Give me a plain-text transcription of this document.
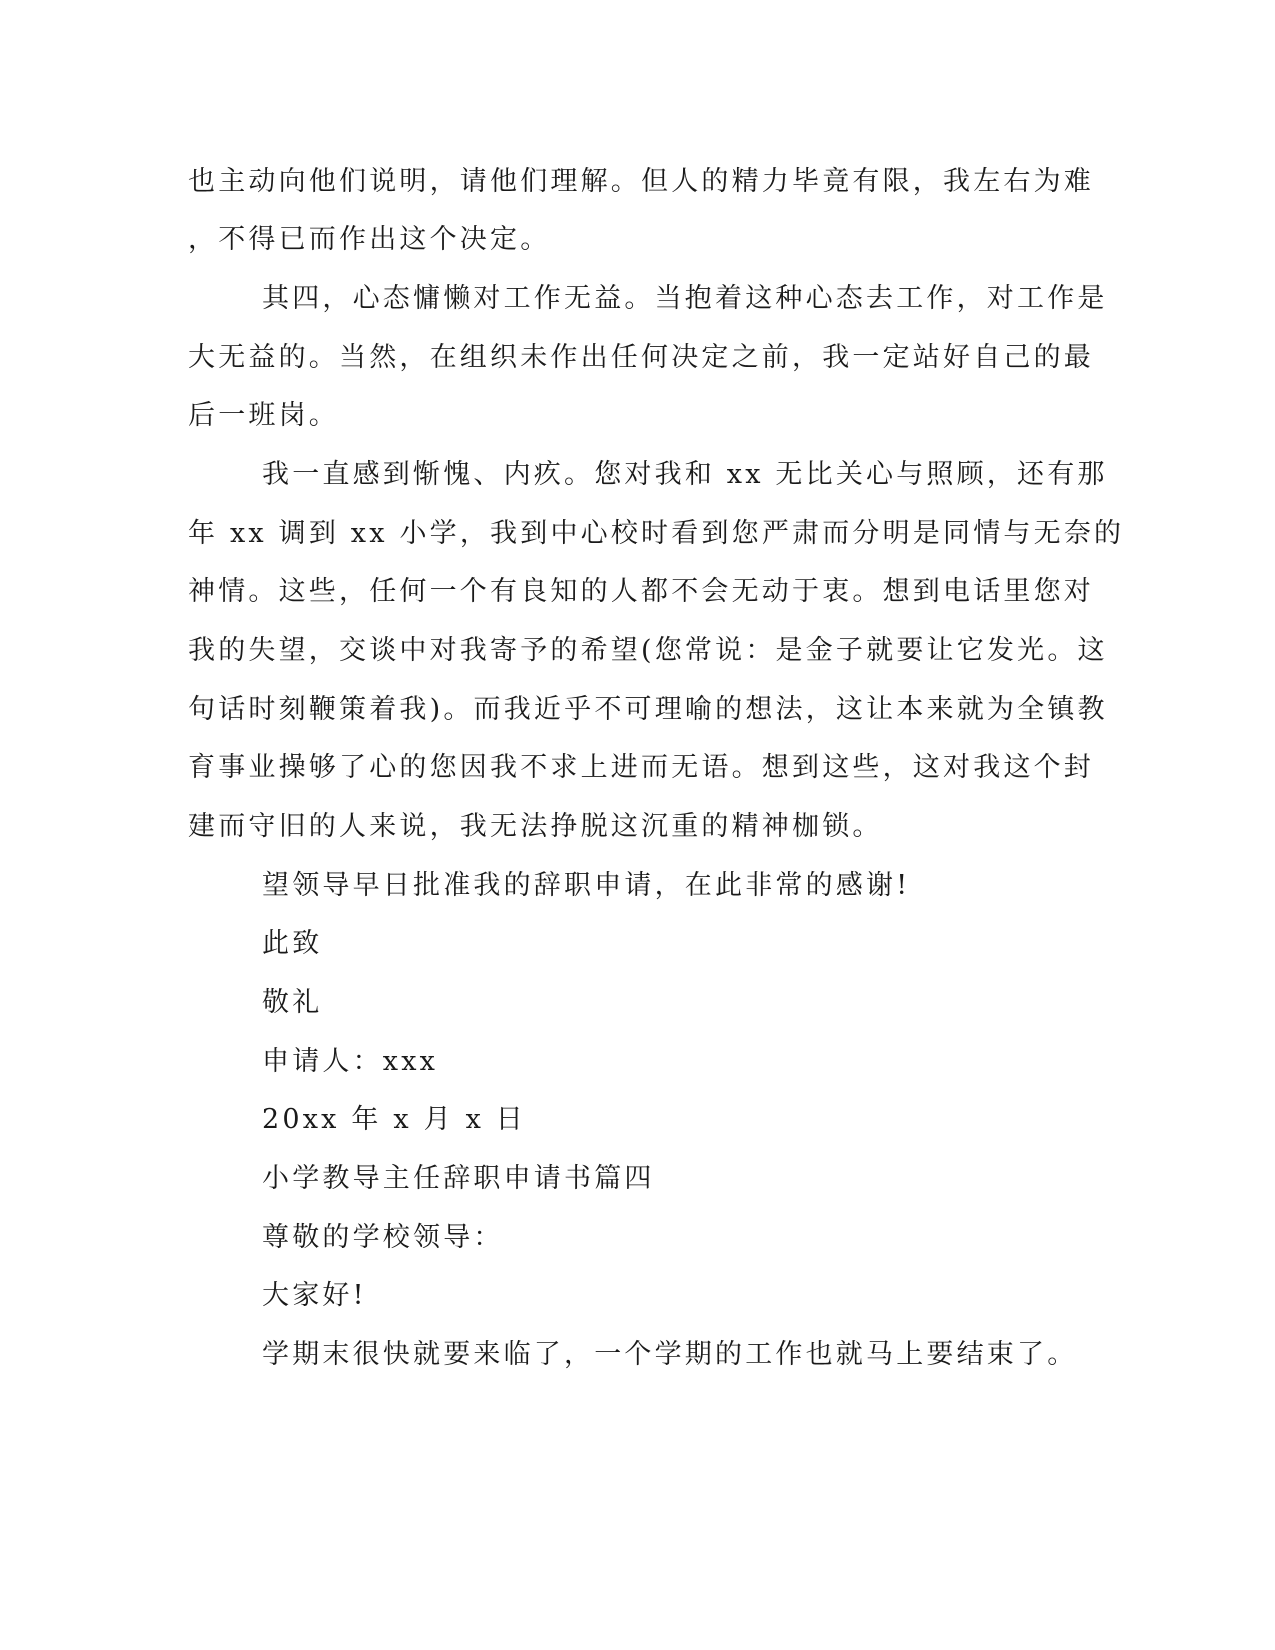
也主动向他们说明，请他们理解。但人的精力毕竟有限，我左右为难
，不得已而作出这个决定。
其四，心态慵懒对工作无益。当抱着这种心态去工作，对工作是
大无益的。当然，在组织未作出任何决定之前，我一定站好自己的最
后一班岗。
我一直感到惭愧、内疚。您对我和 xx 无比关心与照顾，还有那
年 xx 调到 xx 小学，我到中心校时看到您严肃而分明是同情与无奈的
神情。这些，任何一个有良知的人都不会无动于衷。想到电话里您对
我的失望，交谈中对我寄予的希望(您常说：是金子就要让它发光。这
句话时刻鞭策着我)。而我近乎不可理喻的想法，这让本来就为全镇教
育事业操够了心的您因我不求上进而无语。想到这些，这对我这个封
建而守旧的人来说，我无法挣脱这沉重的精神枷锁。
望领导早日批准我的辞职申请，在此非常的感谢!
此致
敬礼
申请人：xxx
20xx 年 x 月 x 日
小学教导主任辞职申请书篇四
尊敬的学校领导：
大家好!
学期末很快就要来临了，一个学期的工作也就马上要结束了。
